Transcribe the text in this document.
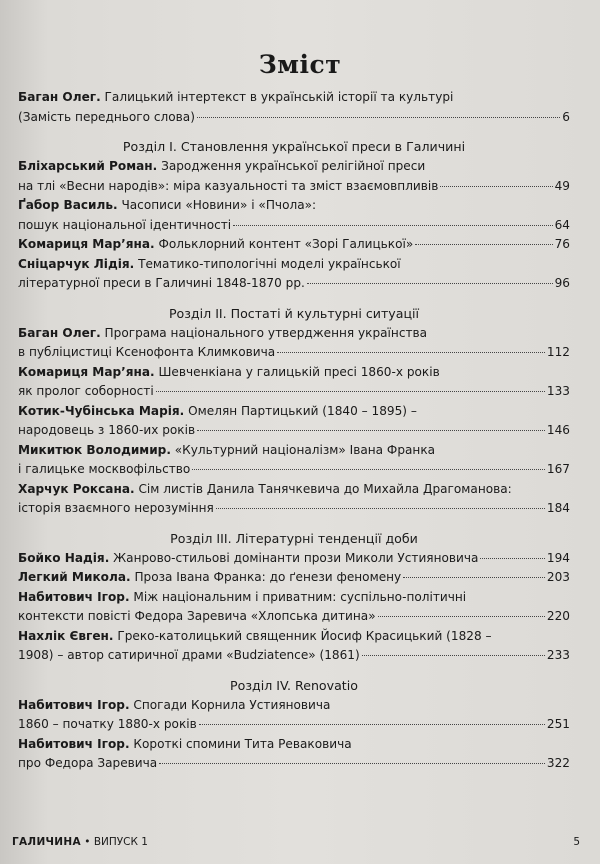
Зміст
Баган Олег. Галицький інтертекст в українській історії та культурі
(Замість переднього слова)	6
Розділ І. Становлення української преси в Галичині
Бліхарський Роман. Зародження української релігійної преси
на тлі «Весни народів»: міра казуальності та зміст взаємовпливів	49
Ґабор Василь. Часописи «Новини» і «Пчола»:
пошук національної ідентичності	64
Комариця Мар’яна. Фольклорний контент «Зорі Галицької»	76
Сніцарчук Лідія. Тематико-типологічні моделі української
літературної преси в Галичині 1848-1870 рр.	96
Розділ ІІ. Постаті й культурні ситуації
Баган Олег. Програма національного утвердження українства
в публіцистиці Ксенофонта Климковича	112
Комариця Мар’яна. Шевченкіана у галицькій пресі 1860-х років
як пролог соборності	133
Котик-Чубінська Марія. Омелян Партицький (1840 – 1895) –
народовець з 1860-их років	146
Микитюк Володимир. «Культурний націоналізм» Івана Франка
і галицьке москвофільство	167
Харчук Роксана. Сім листів Данила Танячкевича до Михайла Драгоманова:
історія взаємного нерозуміння	184
Розділ ІІІ. Літературні тенденції доби
Бойко Надія. Жанрово-стильові домінанти прози Миколи Устияновича	194
Легкий Микола. Проза Івана Франка: до ґенези феномену	203
Набитович Ігор. Між національним і приватним: суспільно-політичні
контексти повісті Федора Заревича «Хлопська дитина»	220
Нахлік Євген. Греко-католицький священник Йосиф Красицький (1828 –
1908) – автор сатиричної драми «Budziatence» (1861)	233
Розділ IV. Renovatio
Набитович Ігор. Спогади Корнила Устияновича
1860 – початку 1880-х років	251
Набитович Ігор. Короткі спомини Тита Ревакoвича
про Федора Заревича	322
ГАЛИЧИНА • ВИПУСК 1	5
